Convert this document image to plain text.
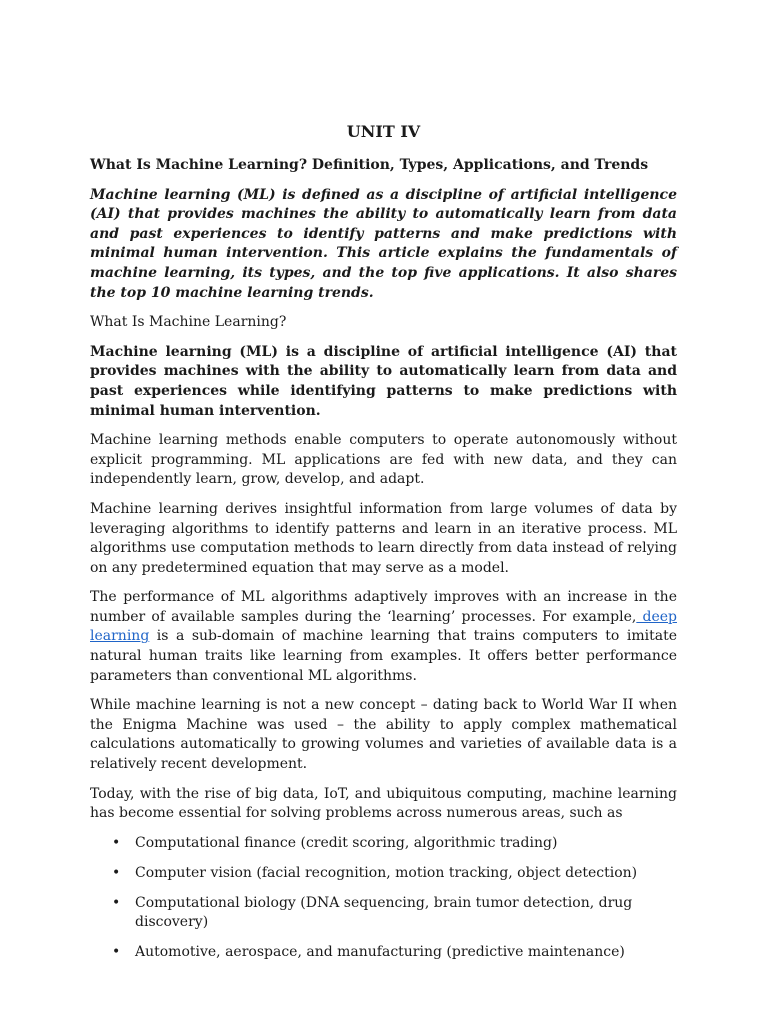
UNIT IV
What Is Machine Learning? Definition, Types, Applications, and Trends

Machine learning (ML) is defined as a discipline of artificial intelligence (AI) that provides machines the ability to automatically learn from data and past experiences to identify patterns and make predictions with minimal human intervention. This article explains the fundamentals of machine learning, its types, and the top five applications. It also shares the top 10 machine learning trends.

What Is Machine Learning?

Machine learning (ML) is a discipline of artificial intelligence (AI) that provides machines with the ability to automatically learn from data and past experiences while identifying patterns to make predictions with minimal human intervention.

Machine learning methods enable computers to operate autonomously without explicit programming. ML applications are fed with new data, and they can independently learn, grow, develop, and adapt.

Machine learning derives insightful information from large volumes of data by leveraging algorithms to identify patterns and learn in an iterative process. ML algorithms use computation methods to learn directly from data instead of relying on any predetermined equation that may serve as a model.

The performance of ML algorithms adaptively improves with an increase in the number of available samples during the ‘learning’ processes. For example, deep learning is a sub-domain of machine learning that trains computers to imitate natural human traits like learning from examples. It offers better performance parameters than conventional ML algorithms.

While machine learning is not a new concept – dating back to World War II when the Enigma Machine was used – the ability to apply complex mathematical calculations automatically to growing volumes and varieties of available data is a relatively recent development.

Today, with the rise of big data, IoT, and ubiquitous computing, machine learning has become essential for solving problems across numerous areas, such as

• Computational finance (credit scoring, algorithmic trading)
• Computer vision (facial recognition, motion tracking, object detection)
• Computational biology (DNA sequencing, brain tumor detection, drug discovery)
• Automotive, aerospace, and manufacturing (predictive maintenance)
